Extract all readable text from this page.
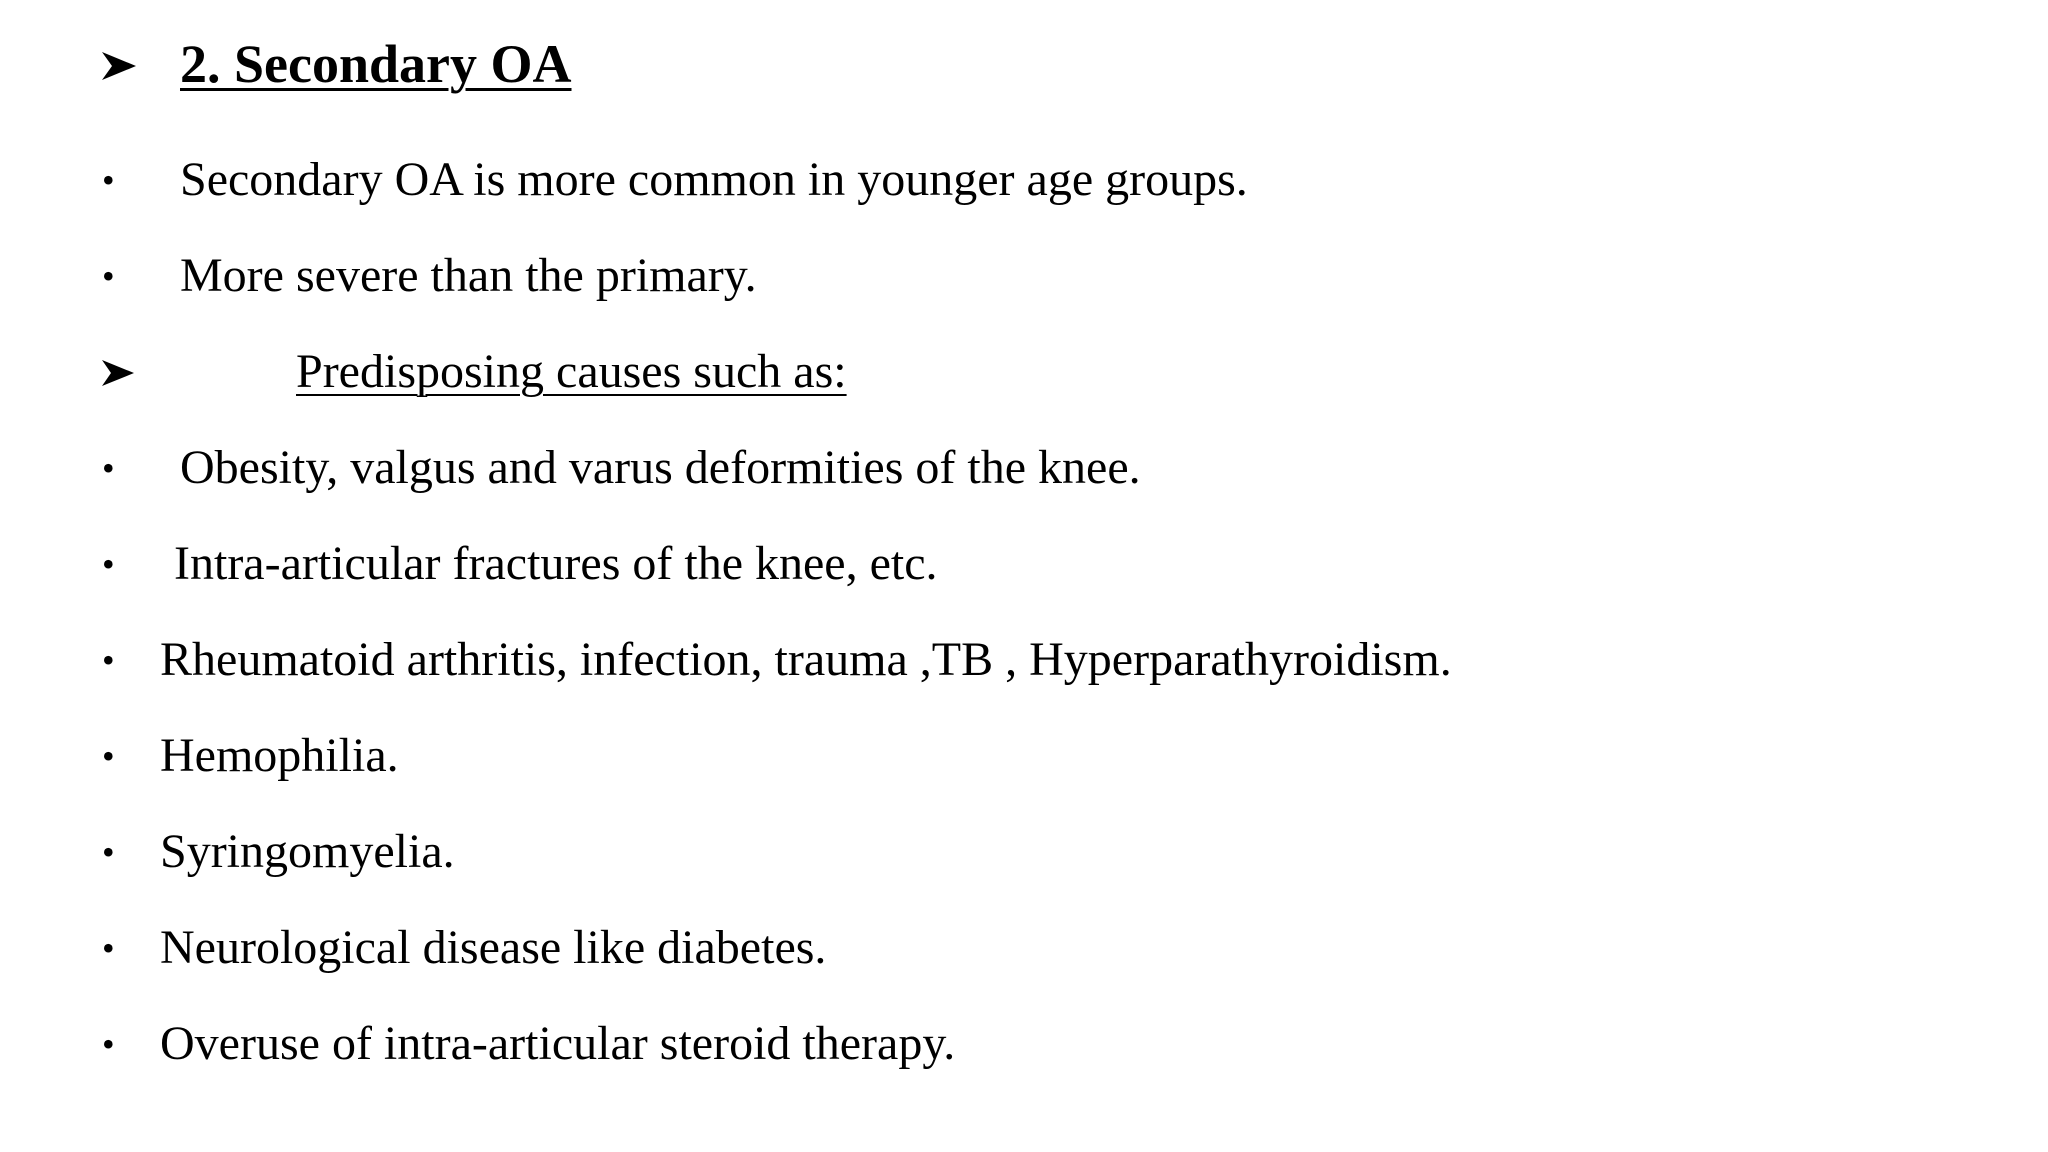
2. Secondary OA
• Secondary OA is more common in younger age groups.
• More severe than the primary.
Predisposing causes such as:
• Obesity, valgus and varus deformities of the knee.
• Intra-articular fractures of the knee, etc.
• Rheumatoid arthritis, infection, trauma ,TB , Hyperparathyroidism.
• Hemophilia.
• Syringomyelia.
• Neurological disease like diabetes.
• Overuse of intra-articular steroid therapy.
